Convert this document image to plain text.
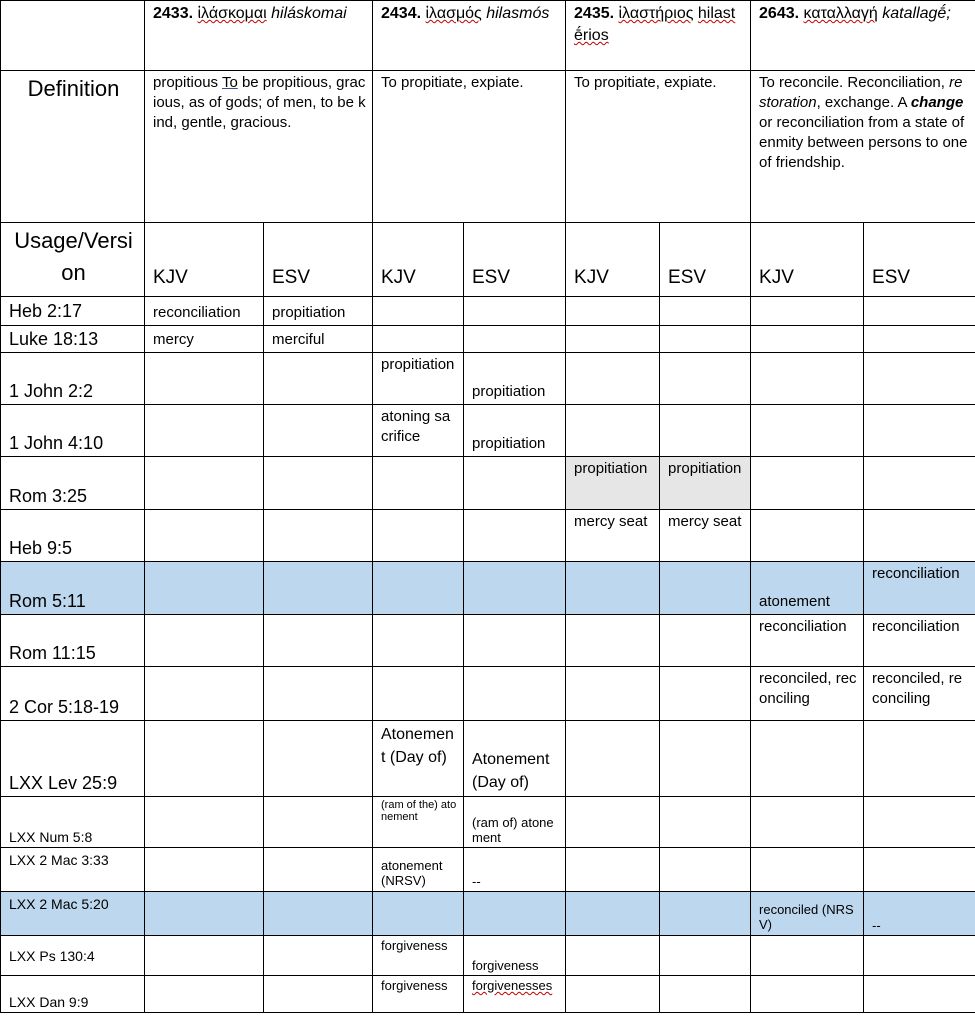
	2433. ἱλάσκομαι hiláskomai		2434. ἱλασμός hilasmós		2435. ἱλαστήριος hilastḗrios		2643. καταλλαγή katallagḗ;	
Definition	propitious To be propitious, gracious, as of gods; of men, to be kind, gentle, gracious.		To propitiate, expiate.		To propitiate, expiate.		To reconcile. Reconciliation, restoration, exchange. A change or reconciliation from a state of enmity between persons to one of friendship.	
Usage/Version	KJV	ESV	KJV	ESV	KJV	ESV	KJV	ESV
Heb 2:17	reconciliation	propitiation						
Luke 18:13	mercy	merciful						
1 John 2:2			propitiation	propitiation				
1 John 4:10			atoning sacrifice	propitiation				
Rom 3:25					propitiation	propitiation		
Heb 9:5					mercy seat	mercy seat		
Rom 5:11							atonement	reconciliation
Rom 11:15							reconciliation	reconciliation
2 Cor 5:18-19							reconciled, reconciling	reconciled, reconciling
LXX Lev 25:9			Atonement (Day of)	Atonement (Day of)				
LXX Num 5:8			(ram of the) atonement	(ram of) atonement				
LXX 2 Mac 3:33			atonement (NRSV)	--				
LXX 2 Mac 5:20							reconciled (NRSV)	--
LXX Ps 130:4			forgiveness	forgiveness				
LXX Dan 9:9			forgiveness	forgivenesses				
